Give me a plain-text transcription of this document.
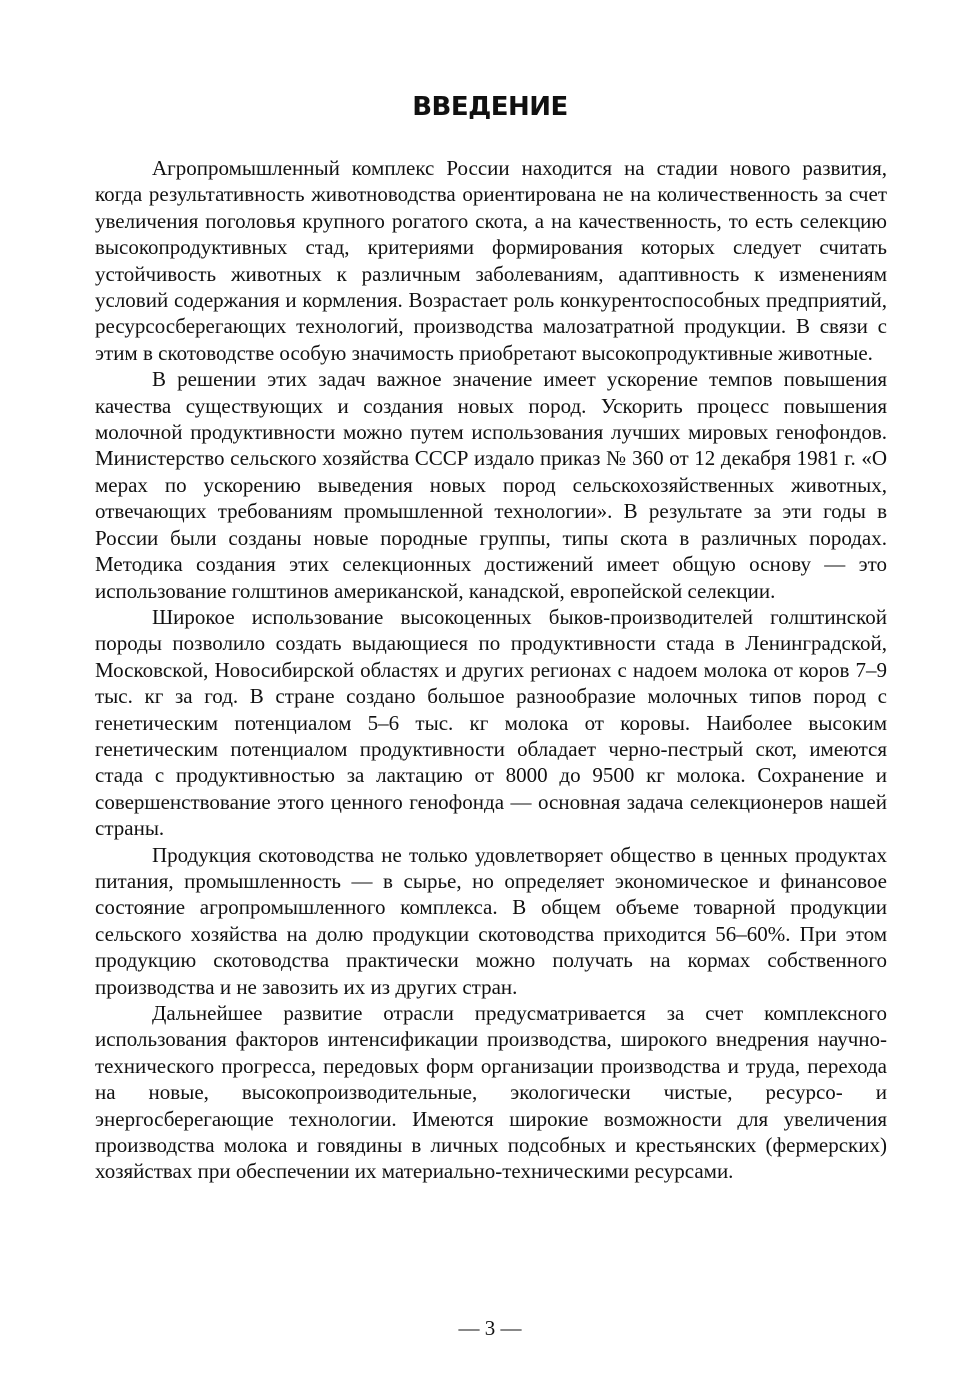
ВВЕДЕНИЕ

Агропромышленный комплекс России находится на стадии нового развития, когда результативность животноводства ориентирована не на количественность за счет увеличения поголовья крупного рогатого скота, а на качественность, то есть селекцию высокопродуктивных стад, критериями формирования которых следует считать устойчивость животных к различным заболеваниям, адаптивность к изменениям условий содержания и кормления. Возрастает роль конкурентоспособных предприятий, ресурсосберегающих технологий, производства малозатратной продукции. В связи с этим в скотоводстве особую значимость приобретают высокопродуктивные животные.

В решении этих задач важное значение имеет ускорение темпов повышения качества существующих и создания новых пород. Ускорить процесс повышения молочной продуктивности можно путем использования лучших мировых генофондов. Министерство сельского хозяйства СССР издало приказ № 360 от 12 декабря 1981 г. «О мерах по ускорению выведения новых пород сельскохозяйственных животных, отвечающих требованиям промышленной технологии». В результате за эти годы в России были созданы новые породные группы, типы скота в различных породах. Методика создания этих селекционных достижений имеет общую основу — это использование голштинов американской, канадской, европейской селекции.

Широкое использование высокоценных быков-производителей голштинской породы позволило создать выдающиеся по продуктивности стада в Ленинградской, Московской, Новосибирской областях и других регионах с надоем молока от коров 7–9 тыс. кг за год. В стране создано большое разнообразие молочных типов пород с генетическим потенциалом 5–6 тыс. кг молока от коровы. Наиболее высоким генетическим потенциалом продуктивности обладает черно-пестрый скот, имеются стада с продуктивностью за лактацию от 8000 до 9500 кг молока. Сохранение и совершенствование этого ценного генофонда — основная задача селекционеров нашей страны.

Продукция скотоводства не только удовлетворяет общество в ценных продуктах питания, промышленность — в сырье, но определяет экономическое и финансовое состояние агропромышленного комплекса. В общем объеме товарной продукции сельского хозяйства на долю продукции скотоводства приходится 56–60%. При этом продукцию скотоводства практически можно получать на кормах собственного производства и не завозить их из других стран.

Дальнейшее развитие отрасли предусматривается за счет комплексного использования факторов интенсификации производства, широкого внедрения научно-технического прогресса, передовых форм организации производства и труда, перехода на новые, высокопроизводительные, экологически чистые, ресурсо- и энергосберегающие технологии. Имеются широкие возможности для увеличения производства молока и говядины в личных подсобных и крестьянских (фермерских) хозяйствах при обеспечении их материально-техническими ресурсами.

— 3 —
